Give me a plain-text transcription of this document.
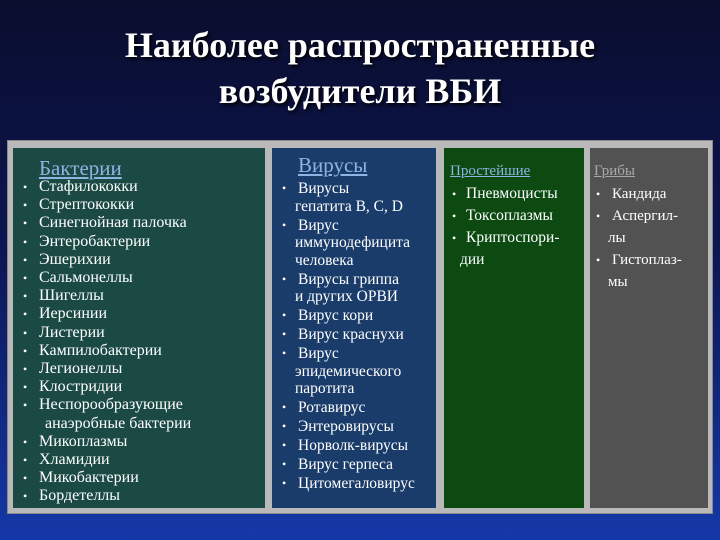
Наиболее распространенные
возбудители ВБИ
Бактерии
• Стафилококки
• Стрептококки
• Синегнойная палочка
• Энтеробактерии
• Эшерихии
• Сальмонеллы
• Шигеллы
• Иерсинии
• Листерии
• Кампилобактерии
• Легионеллы
• Клостридии
• Неспорообразующие
анаэробные бактерии
• Микоплазмы
• Хламидии
• Микобактерии
• Бордетеллы
Вирусы
• Вирусы
гепатита В, С, D
• Вирус
иммунодефицита
человека
• Вирусы гриппа
и других ОРВИ
• Вирус кори
• Вирус краснухи
• Вирус
эпидемического
паротита
• Ротавирус
• Энтеровирусы
• Норволк-вирусы
• Вирус герпеса
• Цитомегаловирус
Простейшие
• Пневмоцисты
• Токсоплазмы
• Криптоспори-
дии
Грибы
• Кандида
• Аспергил-
лы
• Гистоплаз-
мы
